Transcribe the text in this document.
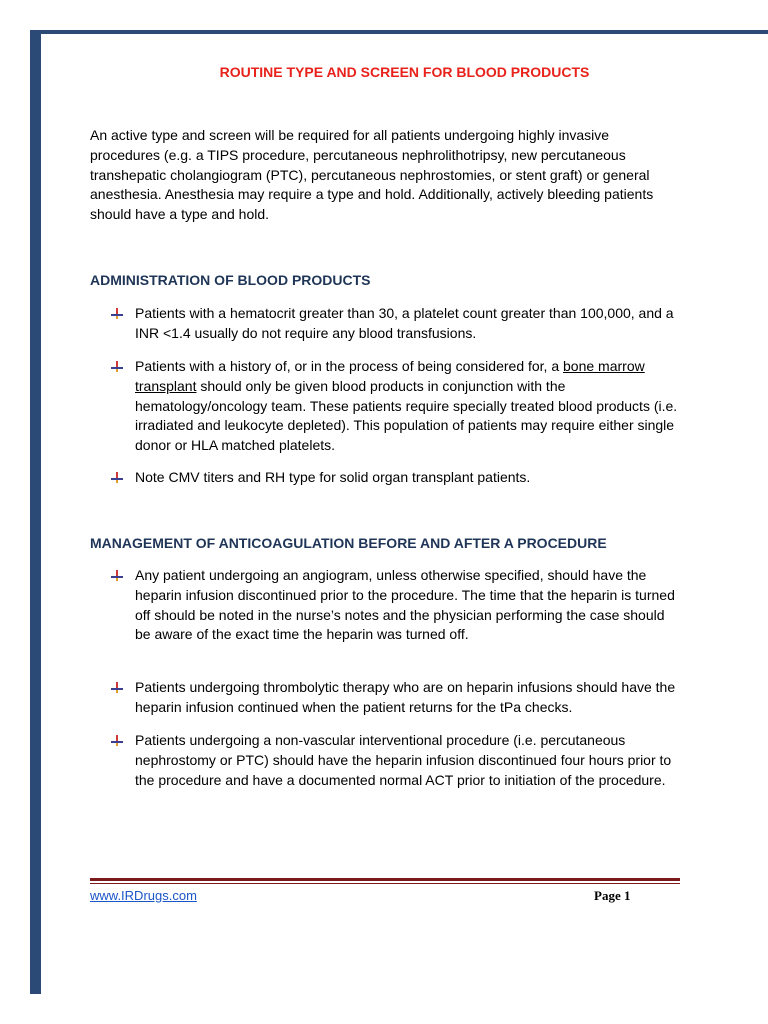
ROUTINE TYPE AND SCREEN FOR BLOOD PRODUCTS
An active type and screen will be required for all patients undergoing highly invasive procedures (e.g. a TIPS procedure, percutaneous nephrolithotripsy, new percutaneous transhepatic cholangiogram (PTC), percutaneous nephrostomies, or stent graft) or general anesthesia. Anesthesia may require a type and hold. Additionally, actively bleeding patients should have a type and hold.
ADMINISTRATION OF BLOOD PRODUCTS
Patients with a hematocrit greater than 30, a platelet count greater than 100,000, and a INR <1.4 usually do not require any blood transfusions.
Patients with a history of, or in the process of being considered for, a bone marrow transplant should only be given blood products in conjunction with the hematology/oncology team. These patients require specially treated blood products (i.e. irradiated and leukocyte depleted). This population of patients may require either single donor or HLA matched platelets.
Note CMV titers and RH type for solid organ transplant patients.
MANAGEMENT OF ANTICOAGULATION BEFORE AND AFTER A PROCEDURE
Any patient undergoing an angiogram, unless otherwise specified, should have the heparin infusion discontinued prior to the procedure. The time that the heparin is turned off should be noted in the nurse’s notes and the physician performing the case should be aware of the exact time the heparin was turned off.
Patients undergoing thrombolytic therapy who are on heparin infusions should have the heparin infusion continued when the patient returns for the tPa checks.
Patients undergoing a non-vascular interventional procedure (i.e. percutaneous nephrostomy or PTC) should have the heparin infusion discontinued four hours prior to the procedure and have a documented normal ACT prior to initiation of the procedure.
www.IRDrugs.com	Page 1
